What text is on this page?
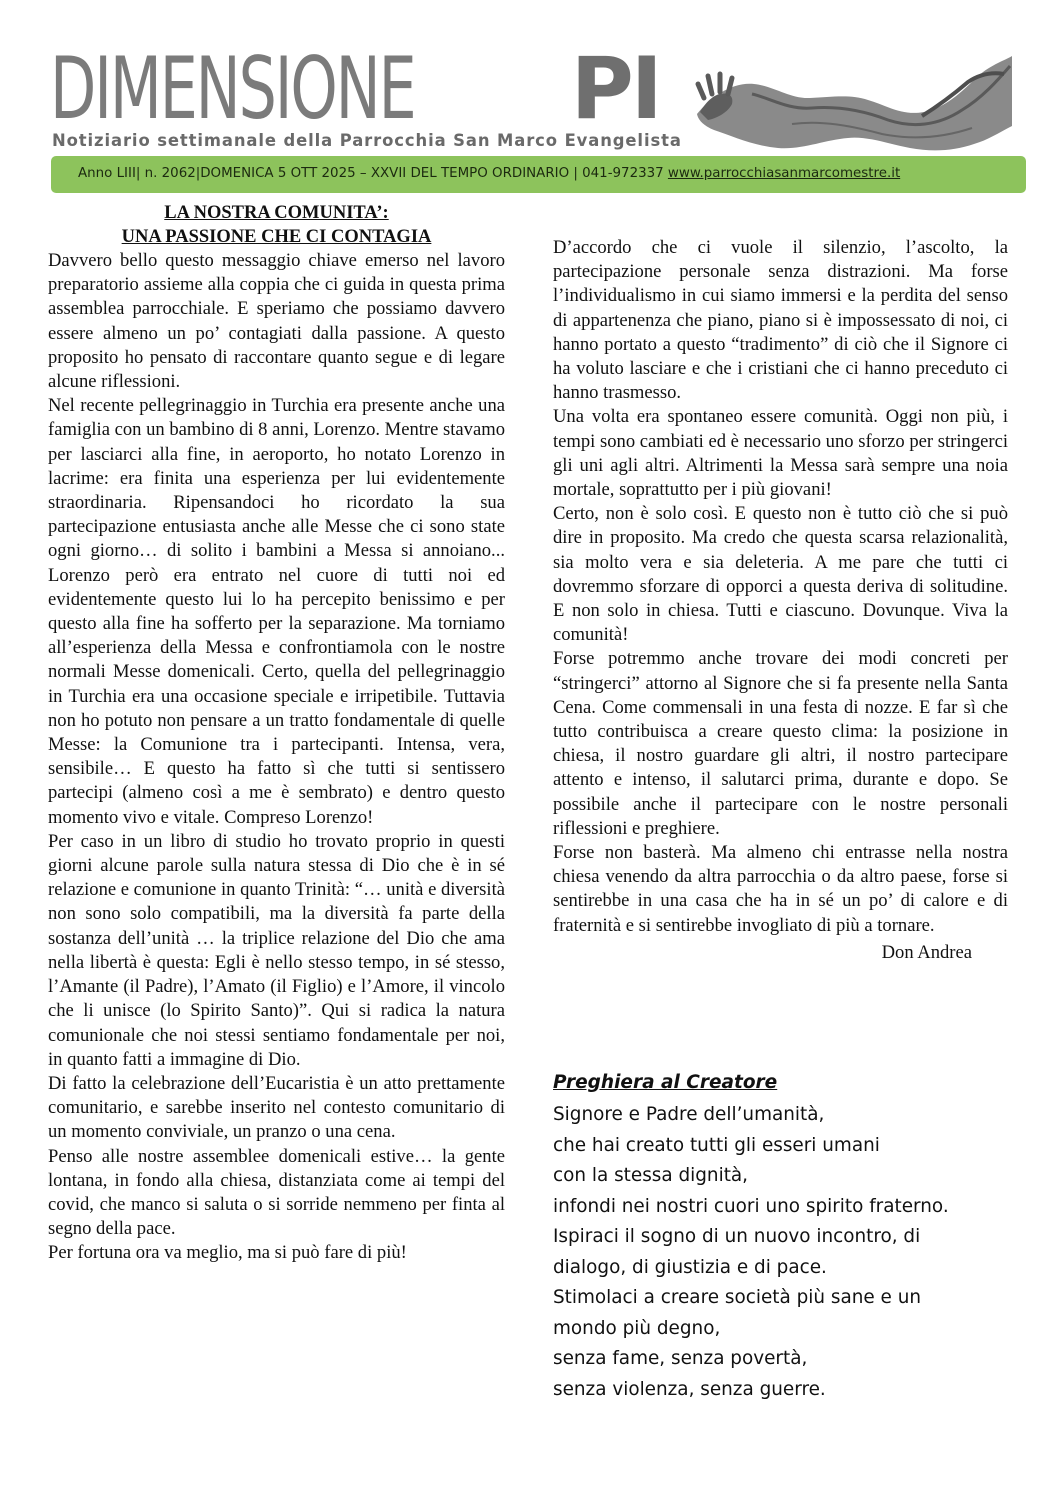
DIMENSIONE PI
Notiziario settimanale della Parrocchia San Marco Evangelista
Anno LIII| n. 2062|DOMENICA 5 OTT 2025 – XXVII DEL TEMPO ORDINARIO | 041-972337 www.parrocchiasanmarcomestre.it

LA NOSTRA COMUNITA’:

UNA PASSIONE CHE CI CONTAGIA

Davvero bello questo messaggio chiave emerso nel lavoro preparatorio assieme alla coppia che ci guida in questa prima assemblea parrocchiale. E speriamo che possiamo davvero essere almeno un po’ contagiati dalla passione. A questo proposito ho pensato di raccontare quanto segue e di legare alcune riflessioni.

Nel recente pellegrinaggio in Turchia era presente anche una famiglia con un bambino di 8 anni, Lorenzo. Mentre stavamo per lasciarci alla fine, in aeroporto, ho notato Lorenzo in lacrime: era finita una esperienza per lui evidentemente straordinaria. Ripensandoci ho ricordato la sua partecipazione entusiasta anche alle Messe che ci sono state ogni giorno… di solito i bambini a Messa si annoiano... Lorenzo però era entrato nel cuore di tutti noi ed evidentemente questo lui lo ha percepito benissimo e per questo alla fine ha sofferto per la separazione. Ma torniamo all’esperienza della Messa e confrontiamola con le nostre normali Messe domenicali. Certo, quella del pellegrinaggio in Turchia era una occasione speciale e irripetibile. Tuttavia non ho potuto non pensare a un tratto fondamentale di quelle Messe: la Comunione tra i partecipanti. Intensa, vera, sensibile… E questo ha fatto sì che tutti si sentissero partecipi (almeno così a me è sembrato) e dentro questo momento vivo e vitale. Compreso Lorenzo!

Per caso in un libro di studio ho trovato proprio in questi giorni alcune parole sulla natura stessa di Dio che è in sé relazione e comunione in quanto Trinità: “… unità e diversità non sono solo compatibili, ma la diversità fa parte della sostanza dell’unità … la triplice relazione del Dio che ama nella libertà è questa: Egli è nello stesso tempo, in sé stesso, l’Amante (il Padre), l’Amato (il Figlio) e l’Amore, il vincolo che li unisce (lo Spirito Santo)”. Qui si radica la natura comunionale che noi stessi sentiamo fondamentale per noi, in quanto fatti a immagine di Dio.

Di fatto la celebrazione dell’Eucaristia è un atto prettamente comunitario, e sarebbe inserito nel contesto comunitario di un momento conviviale, un pranzo o una cena.

Penso alle nostre assemblee domenicali estive… la gente lontana, in fondo alla chiesa, distanziata come ai tempi del covid, che manco si saluta o si sorride nemmeno per finta al segno della pace.

Per fortuna ora va meglio, ma si può fare di più!

D’accordo che ci vuole il silenzio, l’ascolto, la partecipazione personale senza distrazioni. Ma forse l’individualismo in cui siamo immersi e la perdita del senso di appartenenza che piano, piano si è impossessato di noi, ci hanno portato a questo “tradimento” di ciò che il Signore ci ha voluto lasciare e che i cristiani che ci hanno preceduto ci hanno trasmesso.

Una volta era spontaneo essere comunità. Oggi non più, i tempi sono cambiati ed è necessario uno sforzo per stringerci gli uni agli altri. Altrimenti la Messa sarà sempre una noia mortale, soprattutto per i più giovani!

Certo, non è solo così. E questo non è tutto ciò che si può dire in proposito. Ma credo che questa scarsa relazionalità, sia molto vera e sia deleteria. A me pare che tutti ci dovremmo sforzare di opporci a questa deriva di solitudine. E non solo in chiesa. Tutti e ciascuno. Dovunque. Viva la comunità!

Forse potremmo anche trovare dei modi concreti per “stringerci” attorno al Signore che si fa presente nella Santa Cena. Come commensali in una festa di nozze. E far sì che tutto contribuisca a creare questo clima: la posizione in chiesa, il nostro guardare gli altri, il nostro partecipare attento e intenso, il salutarci prima, durante e dopo. Se possibile anche il partecipare con le nostre personali riflessioni e preghiere.

Forse non basterà. Ma almeno chi entrasse nella nostra chiesa venendo da altra parrocchia o da altro paese, forse si sentirebbe in una casa che ha in sé un po’ di calore e di fraternità e si sentirebbe invogliato di più a tornare.

Don Andrea

Preghiera al Creatore

Signore e Padre dell’umanità,

che hai creato tutti gli esseri umani

con la stessa dignità,

infondi nei nostri cuori uno spirito fraterno.

Ispiraci il sogno di un nuovo incontro, di

dialogo, di giustizia e di pace.

Stimolaci a creare società più sane e un

mondo più degno,

senza fame, senza povertà,

senza violenza, senza guerre.
